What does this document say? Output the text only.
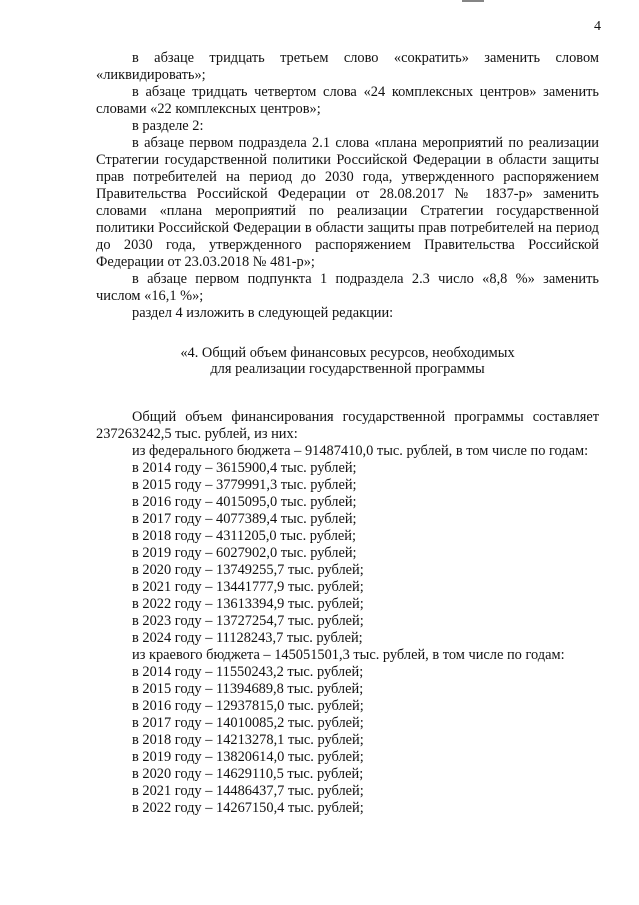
4

в абзаце тридцать третьем слово «сократить» заменить словом «ликвидировать»;

в абзаце тридцать четвертом слова «24 комплексных центров» заменить словами «22 комплексных центров»;

в разделе 2:

в абзаце первом подраздела 2.1 слова «плана мероприятий по реализации Стратегии государственной политики Российской Федерации в области защиты прав потребителей на период до 2030 года, утвержденного распоряжением Правительства Российской Федерации от 28.08.2017 № 1837-р» заменить словами «плана мероприятий по реализации Стратегии государственной политики Российской Федерации в области защиты прав потребителей на период до 2030 года, утвержденного распоряжением Правительства Российской Федерации от 23.03.2018 № 481-р»;

в абзаце первом подпункта 1 подраздела 2.3 число «8,8 %» заменить числом «16,1 %»;

раздел 4 изложить в следующей редакции:

«4. Общий объем финансовых ресурсов, необходимых
для реализации государственной программы

Общий объем финансирования государственной программы составляет 237263242,5 тыс. рублей, из них:

из федерального бюджета – 91487410,0 тыс. рублей, в том числе по годам:

в 2014 году – 3615900,4 тыс. рублей;

в 2015 году – 3779991,3 тыс. рублей;

в 2016 году – 4015095,0 тыс. рублей;

в 2017 году – 4077389,4 тыс. рублей;

в 2018 году – 4311205,0 тыс. рублей;

в 2019 году – 6027902,0 тыс. рублей;

в 2020 году – 13749255,7 тыс. рублей;

в 2021 году – 13441777,9 тыс. рублей;

в 2022 году – 13613394,9 тыс. рублей;

в 2023 году – 13727254,7 тыс. рублей;

в 2024 году – 11128243,7 тыс. рублей;

из краевого бюджета – 145051501,3 тыс. рублей, в том числе по годам:

в 2014 году – 11550243,2 тыс. рублей;

в 2015 году – 11394689,8 тыс. рублей;

в 2016 году – 12937815,0 тыс. рублей;

в 2017 году – 14010085,2 тыс. рублей;

в 2018 году – 14213278,1 тыс. рублей;

в 2019 году – 13820614,0 тыс. рублей;

в 2020 году – 14629110,5 тыс. рублей;

в 2021 году – 14486437,7 тыс. рублей;

в 2022 году – 14267150,4 тыс. рублей;
